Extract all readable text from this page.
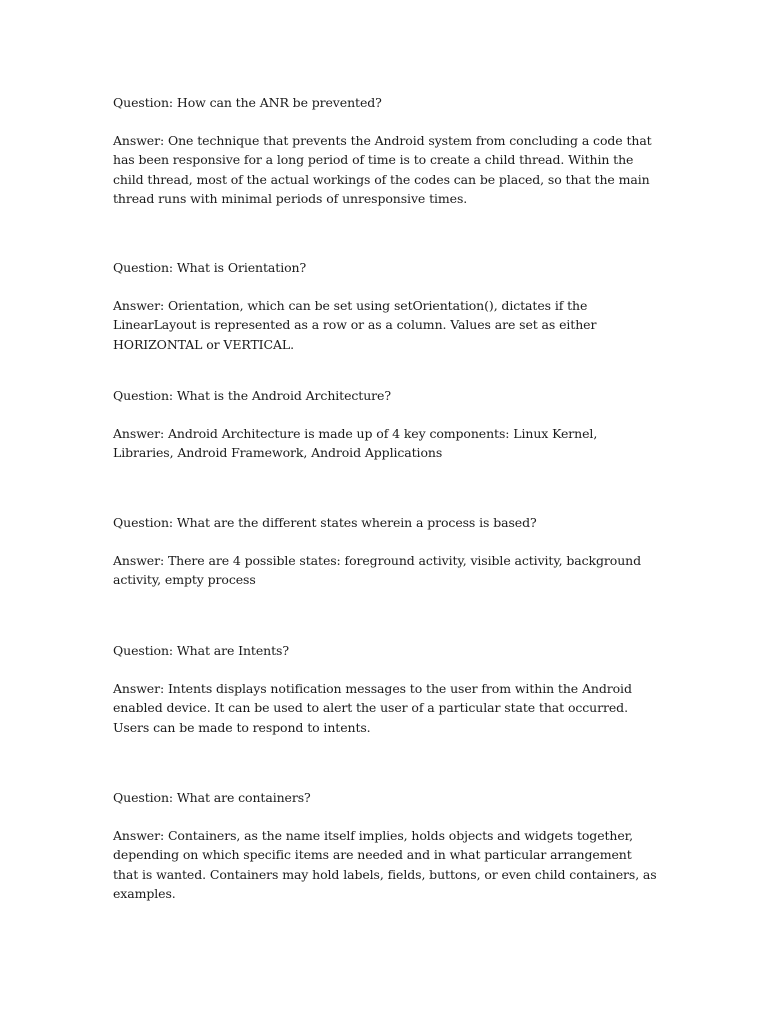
Question: How can the ANR be prevented?

Answer: One technique that prevents the Android system from concluding a code that has been responsive for a long period of time is to create a child thread. Within the child thread, most of the actual workings of the codes can be placed, so that the main thread runs with minimal periods of unresponsive times.

Question: What is Orientation?

Answer: Orientation, which can be set using setOrientation(), dictates if the LinearLayout is represented as a row or as a column. Values are set as either HORIZONTAL or VERTICAL.

Question: What is the Android Architecture?

Answer: Android Architecture is made up of 4 key components: Linux Kernel, Libraries, Android Framework, Android Applications

Question: What are the different states wherein a process is based?

Answer: There are 4 possible states: foreground activity, visible activity, background activity, empty process

Question: What are Intents?

Answer: Intents displays notification messages to the user from within the Android enabled device. It can be used to alert the user of a particular state that occurred. Users can be made to respond to intents.

Question: What are containers?

Answer: Containers, as the name itself implies, holds objects and widgets together, depending on which specific items are needed and in what particular arrangement that is wanted. Containers may hold labels, fields, buttons, or even child containers, as examples.
